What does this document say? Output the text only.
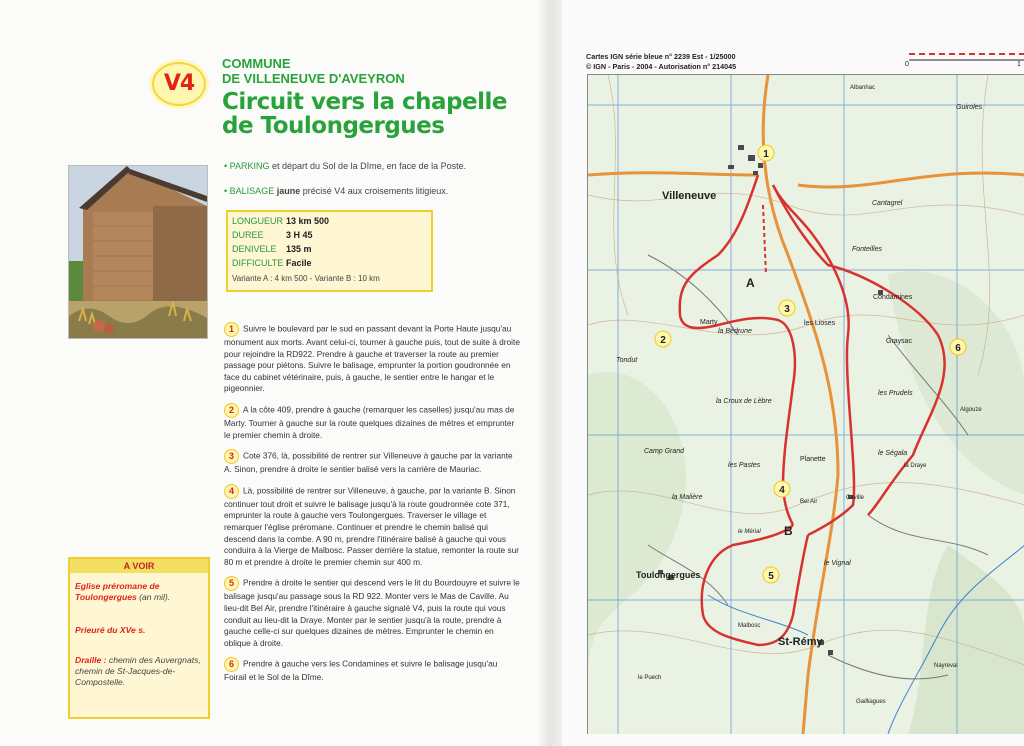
V4
COMMUNE
DE VILLENEUVE D'AVEYRON
Circuit vers la chapelle
de Toulongergues
• PARKING et départ du Sol de la Dîme, en face de la Poste.
• BALISAGE jaune précisé V4 aux croisements litigieux.
LONGUEUR 13 km 500
DUREE 3 H 45
DENIVELE 135 m
DIFFICULTE Facile
Variante A : 4 km 500 - Variante B : 10 km
1 Suivre le boulevard par le sud en passant devant la Porte Haute jusqu'au monument aux morts. Avant celui-ci, tourner à gauche puis, tout de suite à droite pour rejoindre la RD922. Prendre à gauche et traverser la route au premier passage pour piétons. Suivre le balisage, emprunter la portion goudronnée en face du cabinet vétérinaire, puis, à gauche, le sentier entre le hangar et le pigeonnier.
2 A la côte 409, prendre à gauche (remarquer les caselles) jusqu'au mas de Marty. Tourner à gauche sur la route quelques dizaines de mètres et emprunter le premier chemin à droite.
3 Cote 376, là, possibilité de rentrer sur Villeneuve à gauche par la variante A. Sinon, prendre à droite le sentier balisé vers la carrière de Mauriac.
4 Là, possibilité de rentrer sur Villeneuve, à gauche, par la variante B. Sinon continuer tout droit et suivre le balisage jusqu'à la route goudronnée cote 371, emprunter la route à gauche vers Toulongergues. Traverser le village et remarquer l'église préromane. Continuer et prendre le chemin balisé qui descend dans la combe. A 90 m, prendre l'itinéraire balisé à gauche qui vous conduira à la Vierge de Malbosc. Passer derrière la statue, remonter la route sur 80 m et prendre à droite le premier chemin sur 400 m.
5 Prendre à droite le sentier qui descend vers le lit du Bourdouyre et suivre le balisage jusqu'au passage sous la RD 922. Monter vers le Mas de Caville. Au lieu-dit Bel Air, prendre l'itinéraire à gauche signalé V4, puis la route qui vous conduit au lieu-dit la Draye. Monter par le sentier jusqu'à la route, prendre à gauche celle-ci sur quelques dizaines de mètres. Emprunter le chemin en oblique à droite.
6 Prendre à gauche vers les Condamines et suivre le balisage jusqu'au Foirail et le Sol de la Dîme.
A VOIR
Eglise préromane de Toulongergues (an mil).
Prieuré du XVe s.
Draille : chemin des Auvergnats, chemin de St-Jacques-de-Compostelle.
Cartes IGN série bleue n° 2239 Est - 1/25000
© IGN - Paris - 2004 - Autorisation n° 214045	0	1
1
2
3
4
5
6
A
B
Villeneuve
Toulongergues
St-Rémy
Condamines
Marty
la Bédrune
Graysac
Fonteilles
les Lioses
Camp Grand
Tondut
la Croux de Lèbre
les Prudels
le Ségala
Planette
la Malière
le Vignal
Caville
les Pastes
Algouze
Albanhac
Guiroles
Cantagrel
Malbosc
Gailliagues
Nayreval
le Puech
la Draye
le Mérial
Bel Air
